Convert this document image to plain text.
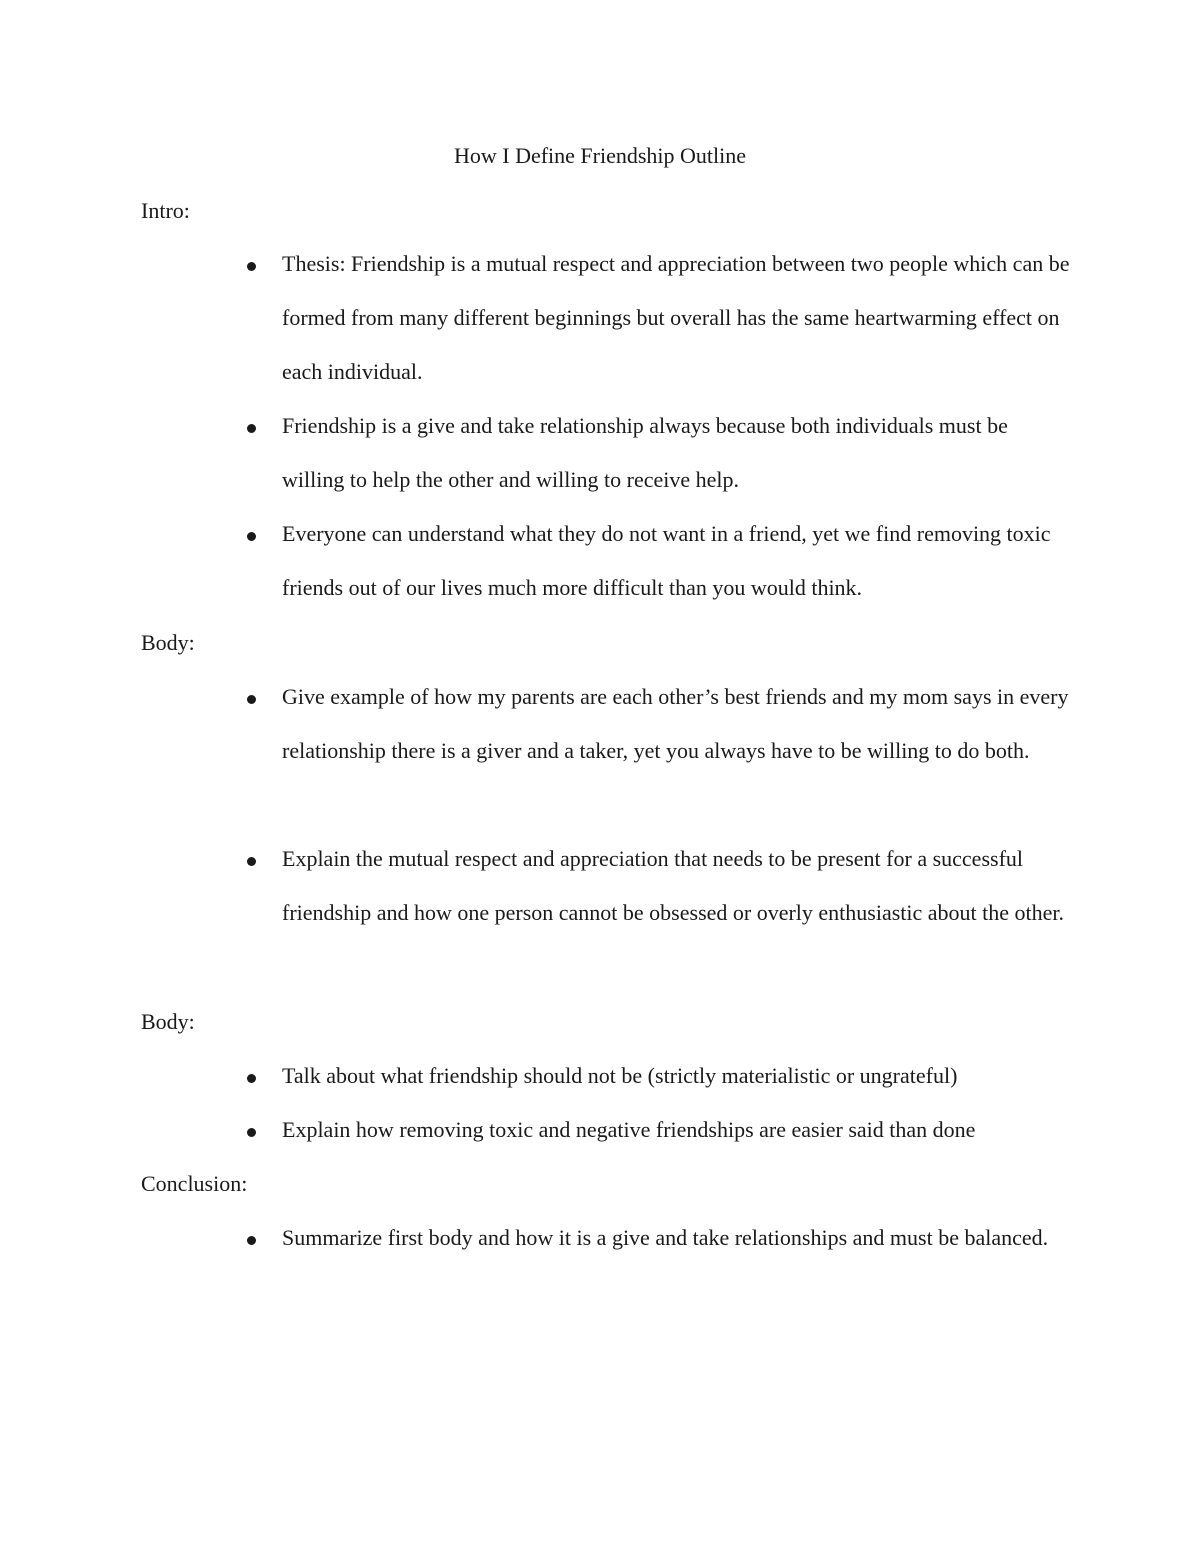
How I Define Friendship Outline

Intro:

Thesis: Friendship is a mutual respect and appreciation between two people which can be formed from many different beginnings but overall has the same heartwarming effect on each individual.
Friendship is a give and take relationship always because both individuals must be willing to help the other and willing to receive help.
Everyone can understand what they do not want in a friend, yet we find removing toxic friends out of our lives much more difficult than you would think.

Body:

Give example of how my parents are each other’s best friends and my mom says in every relationship there is a giver and a taker, yet you always have to be willing to do both.
Explain the mutual respect and appreciation that needs to be present for a successful friendship and how one person cannot be obsessed or overly enthusiastic about the other.

Body:

Talk about what friendship should not be (strictly materialistic or ungrateful)
Explain how removing toxic and negative friendships are easier said than done

Conclusion:

Summarize first body and how it is a give and take relationships and must be balanced.
